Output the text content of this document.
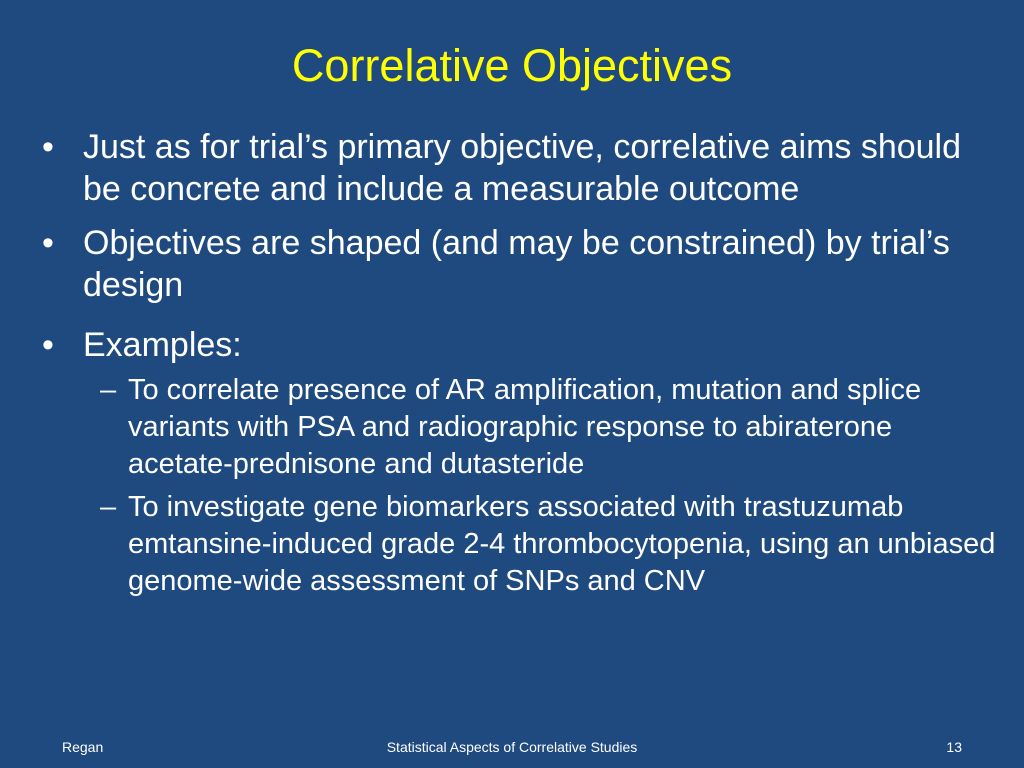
Correlative Objectives

• Just as for trial’s primary objective, correlative aims should be concrete and include a measurable outcome

• Objectives are shaped (and may be constrained) by trial’s design

• Examples:

– To correlate presence of AR amplification, mutation and splice variants with PSA and radiographic response to abiraterone acetate-prednisone and dutasteride

– To investigate gene biomarkers associated with trastuzumab emtansine-induced grade 2-4 thrombocytopenia, using an unbiased genome-wide assessment of SNPs and CNV

Regan	Statistical Aspects of Correlative Studies	13
